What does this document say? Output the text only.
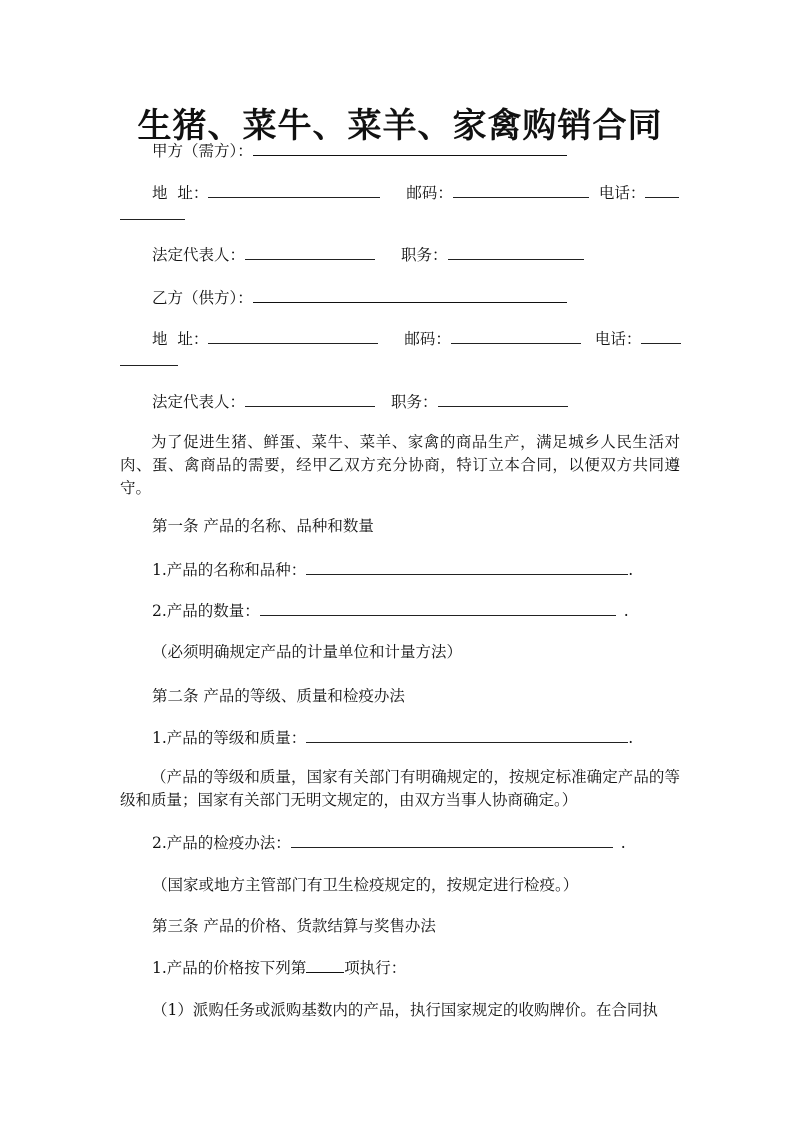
生猪、菜牛、菜羊、家禽购销合同
甲方（需方）：
地  址：	邮码：	电话：
法定代表人：	职务：
乙方（供方）：
地  址：	邮码：	电话：
法定代表人：	职务：
为了促进生猪、鲜蛋、菜牛、菜羊、家禽的商品生产，满足城乡人民生活对肉、蛋、禽商品的需要，经甲乙双方充分协商，特订立本合同，以便双方共同遵守。
第一条 产品的名称、品种和数量
1.产品的名称和品种：	.
2.产品的数量：	.
（必须明确规定产品的计量单位和计量方法）
第二条 产品的等级、质量和检疫办法
1.产品的等级和质量：	.
（产品的等级和质量，国家有关部门有明确规定的，按规定标准确定产品的等级和质量；国家有关部门无明文规定的，由双方当事人协商确定。）
2.产品的检疫办法：	.
（国家或地方主管部门有卫生检疫规定的，按规定进行检疫。）
第三条 产品的价格、货款结算与奖售办法
1.产品的价格按下列第 项执行：
（1）派购任务或派购基数内的产品，执行国家规定的收购牌价。在合同执
